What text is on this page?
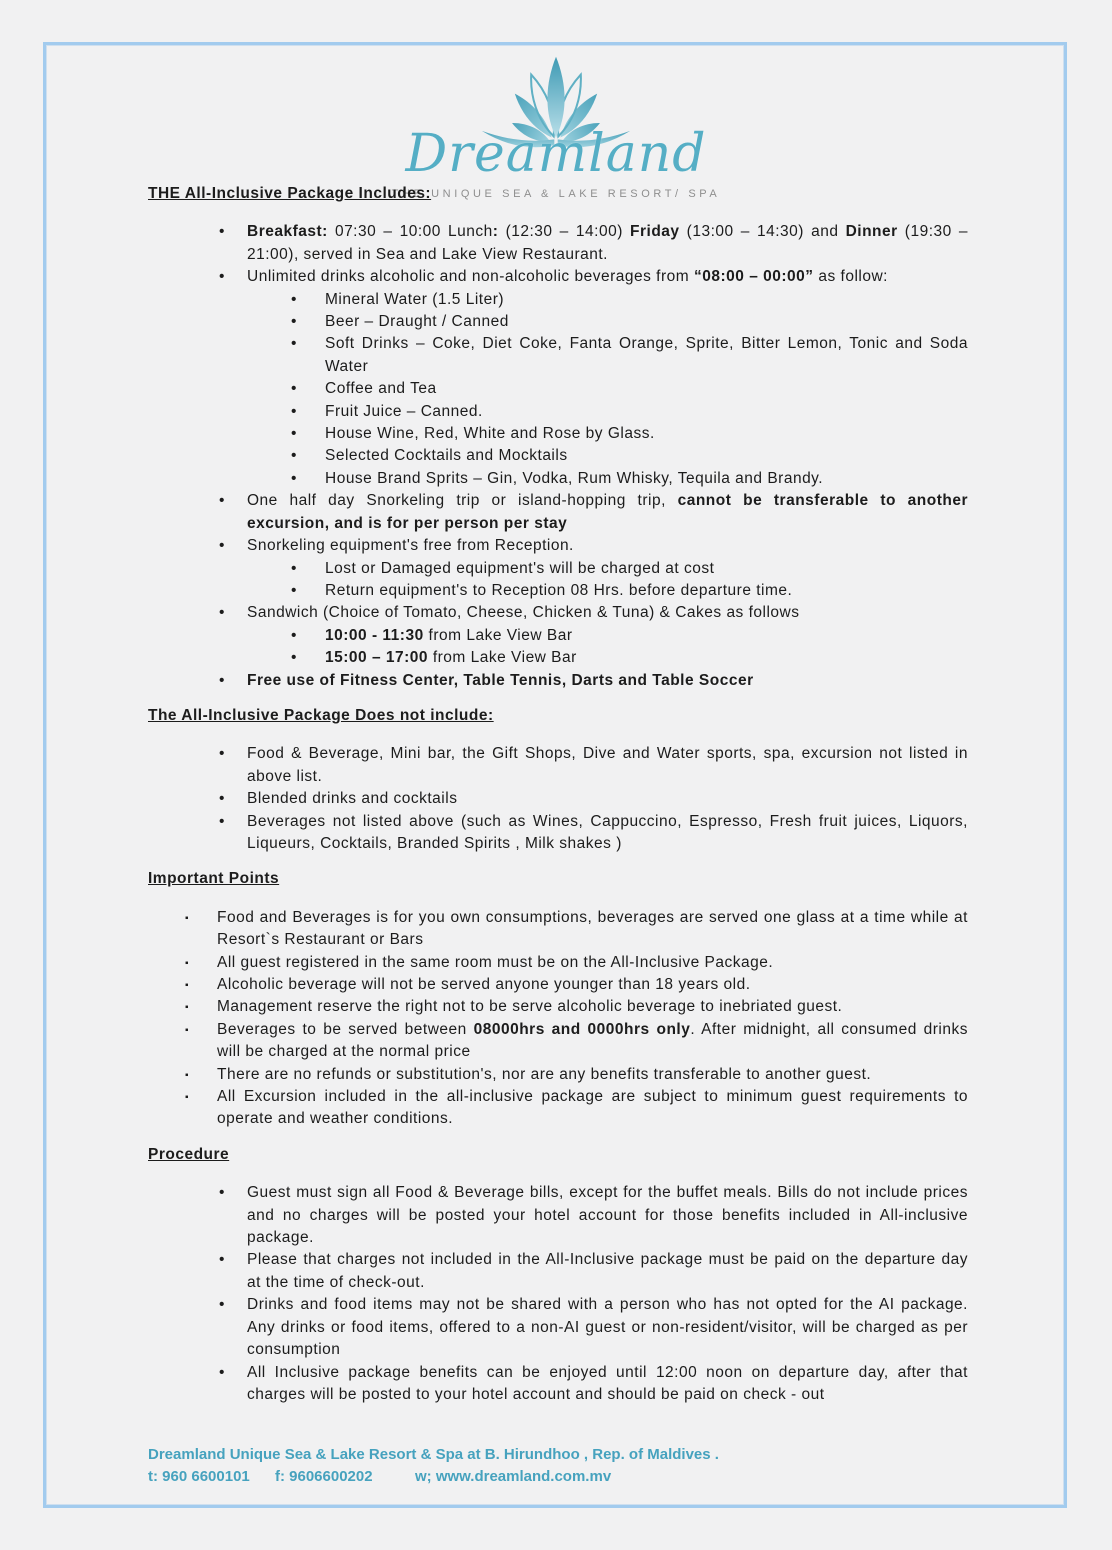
Dreamland
THE UNIQUE SEA & LAKE RESORT/ SPA
THE All-Inclusive Package Includes:
• Breakfast: 07:30 – 10:00 Lunch: (12:30 – 14:00) Friday (13:00 – 14:30) and Dinner (19:30 – 21:00), served in Sea and Lake View Restaurant.
• Unlimited drinks alcoholic and non-alcoholic beverages from “08:00 – 00:00” as follow:
• Mineral Water (1.5 Liter)
• Beer – Draught / Canned
• Soft Drinks – Coke, Diet Coke, Fanta Orange, Sprite, Bitter Lemon, Tonic and Soda Water
• Coffee and Tea
• Fruit Juice – Canned.
• House Wine, Red, White and Rose by Glass.
• Selected Cocktails and Mocktails
• House Brand Sprits – Gin, Vodka, Rum Whisky, Tequila and Brandy.
• One half day Snorkeling trip or island-hopping trip, cannot be transferable to another excursion, and is for per person per stay
• Snorkeling equipment's free from Reception.
• Lost or Damaged equipment's will be charged at cost
• Return equipment's to Reception 08 Hrs. before departure time.
• Sandwich (Choice of Tomato, Cheese, Chicken & Tuna) & Cakes as follows
• 10:00 - 11:30 from Lake View Bar
• 15:00 – 17:00 from Lake View Bar
• Free use of Fitness Center, Table Tennis, Darts and Table Soccer
The All-Inclusive Package Does not include:
• Food & Beverage, Mini bar, the Gift Shops, Dive and Water sports, spa, excursion not listed in above list.
• Blended drinks and cocktails
• Beverages not listed above (such as Wines, Cappuccino, Espresso, Fresh fruit juices, Liquors, Liqueurs, Cocktails, Branded Spirits , Milk shakes )
Important Points
▪ Food and Beverages is for you own consumptions, beverages are served one glass at a time while at Resort`s Restaurant or Bars
▪ All guest registered in the same room must be on the All-Inclusive Package.
▪ Alcoholic beverage will not be served anyone younger than 18 years old.
▪ Management reserve the right not to be serve alcoholic beverage to inebriated guest.
▪ Beverages to be served between 08000hrs and 0000hrs only. After midnight, all consumed drinks will be charged at the normal price
▪ There are no refunds or substitution's, nor are any benefits transferable to another guest.
▪ All Excursion included in the all-inclusive package are subject to minimum guest requirements to operate and weather conditions.
Procedure
• Guest must sign all Food & Beverage bills, except for the buffet meals. Bills do not include prices and no charges will be posted your hotel account for those benefits included in All-inclusive package.
• Please that charges not included in the All-Inclusive package must be paid on the departure day at the time of check-out.
• Drinks and food items may not be shared with a person who has not opted for the AI package. Any drinks or food items, offered to a non-AI guest or non-resident/visitor, will be charged as per consumption
• All Inclusive package benefits can be enjoyed until 12:00 noon on departure day, after that charges will be posted to your hotel account and should be paid on check - out
Dreamland Unique Sea & Lake Resort & Spa at B. Hirundhoo , Rep. of Maldives .
t: 960 6600101 f: 9606600202	w; www.dreamland.com.mv
